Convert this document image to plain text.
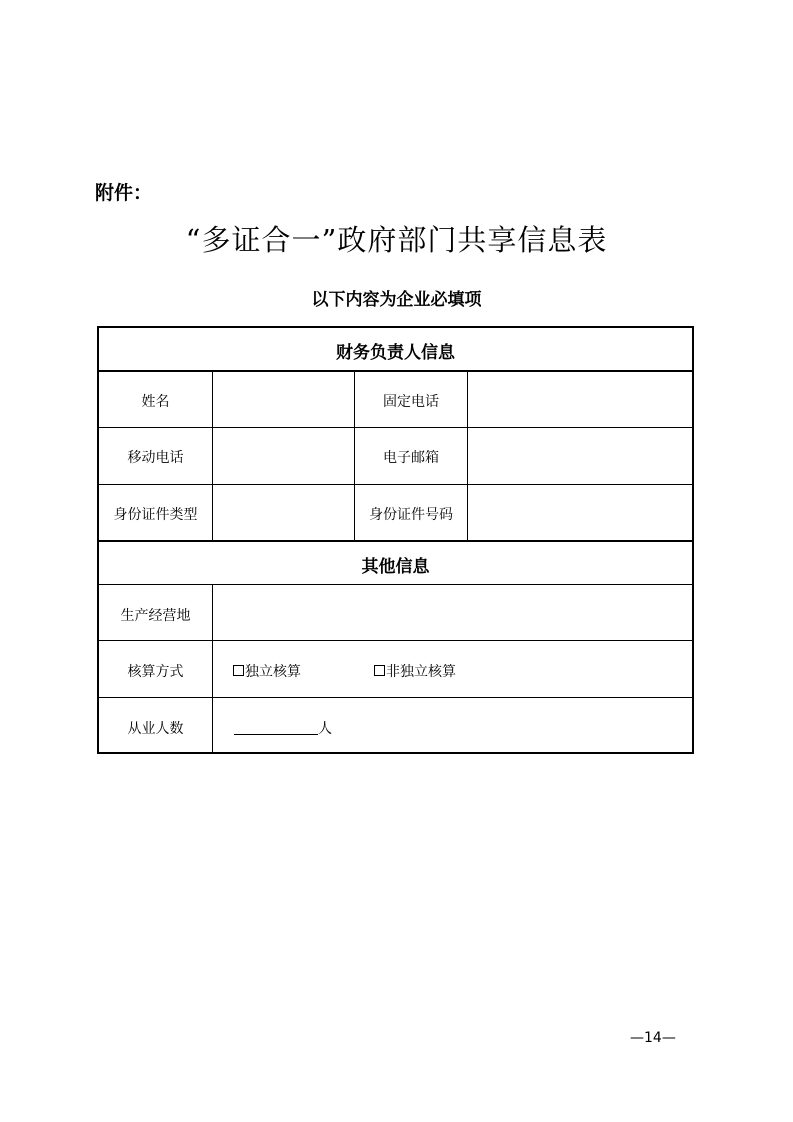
附件：
“多证合一”政府部门共享信息表
以下内容为企业必填项
财务负责人信息
姓名	固定电话
移动电话	电子邮箱
身份证件类型	身份证件号码
其他信息
生产经营地
核算方式	独立核算	非独立核算
从业人数	人
—14—
